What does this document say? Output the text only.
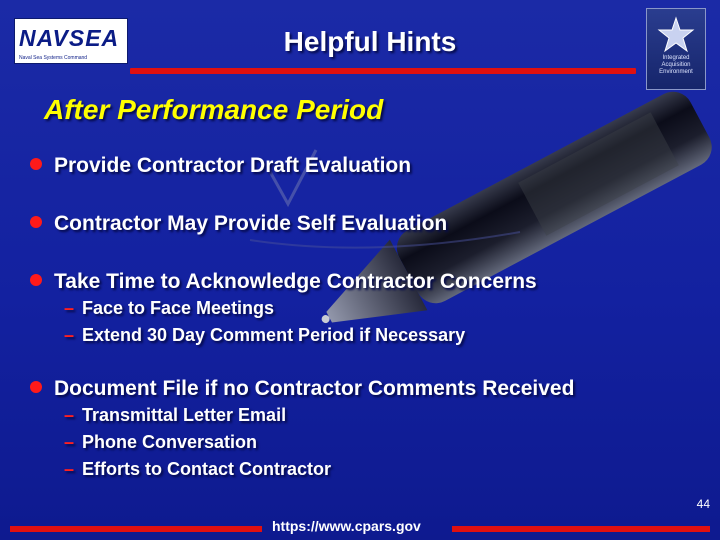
NAVSEA
Naval Sea Systems Command
Helpful Hints
Integrated Acquisition Environment
After Performance Period
Provide Contractor Draft Evaluation
Contractor May Provide Self Evaluation
Take Time to Acknowledge Contractor Concerns
– Face to Face Meetings
– Extend 30 Day Comment Period if Necessary
Document File if no Contractor Comments Received
– Transmittal Letter Email
– Phone Conversation
– Efforts to Contact Contractor
44
https://www.cpars.gov
